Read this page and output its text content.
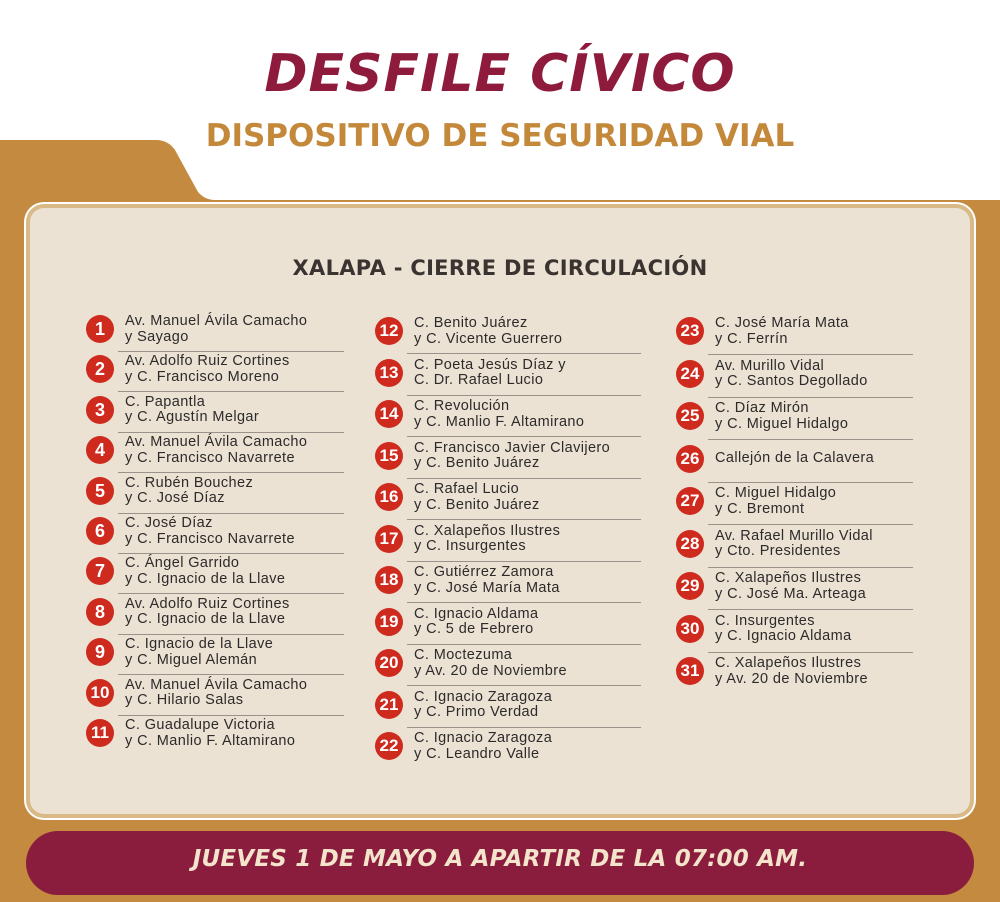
DESFILE CÍVICO
DISPOSITIVO DE SEGURIDAD VIAL
XALAPA - CIERRE DE CIRCULACIÓN
1	Av. Manuel Ávila Camacho
y Sayago
2	Av. Adolfo Ruiz Cortines
y C. Francisco Moreno
3	C. Papantla
y C. Agustín Melgar
4	Av. Manuel Ávila Camacho
y C. Francisco Navarrete
5	C. Rubén Bouchez
y C. José Díaz
6	C. José Díaz
y C. Francisco Navarrete
7	C. Ángel Garrido
y C. Ignacio de la Llave
8	Av. Adolfo Ruiz Cortines
y C. Ignacio de la Llave
9	C. Ignacio de la Llave
y C. Miguel Alemán
10	Av. Manuel Ávila Camacho
y C. Hilario Salas
11	C. Guadalupe Victoria
y C. Manlio F. Altamirano
12	C. Benito Juárez
y C. Vicente Guerrero
13	C. Poeta Jesús Díaz y
C. Dr. Rafael Lucio
14	C. Revolución
y C. Manlio F. Altamirano
15	C. Francisco Javier Clavijero
y C. Benito Juárez
16	C. Rafael Lucio
y C. Benito Juárez
17	C. Xalapeños Ilustres
y C. Insurgentes
18	C. Gutiérrez Zamora
y C. José María Mata
19	C. Ignacio Aldama
y C. 5 de Febrero
20	C. Moctezuma
y Av. 20 de Noviembre
21	C. Ignacio Zaragoza
y C. Primo Verdad
22	C. Ignacio Zaragoza
y C. Leandro Valle
23	C. José María Mata
y C. Ferrín
24	Av. Murillo Vidal
y C. Santos Degollado
25	C. Díaz Mirón
y C. Miguel Hidalgo
26	Callejón de la Calavera
27	C. Miguel Hidalgo
y C. Bremont
28	Av. Rafael Murillo Vidal
y Cto. Presidentes
29	C. Xalapeños Ilustres
y C. José Ma. Arteaga
30	C. Insurgentes
y C. Ignacio Aldama
31	C. Xalapeños Ilustres
y Av. 20 de Noviembre
JUEVES 1 DE MAYO A APARTIR DE LA 07:00 AM.
